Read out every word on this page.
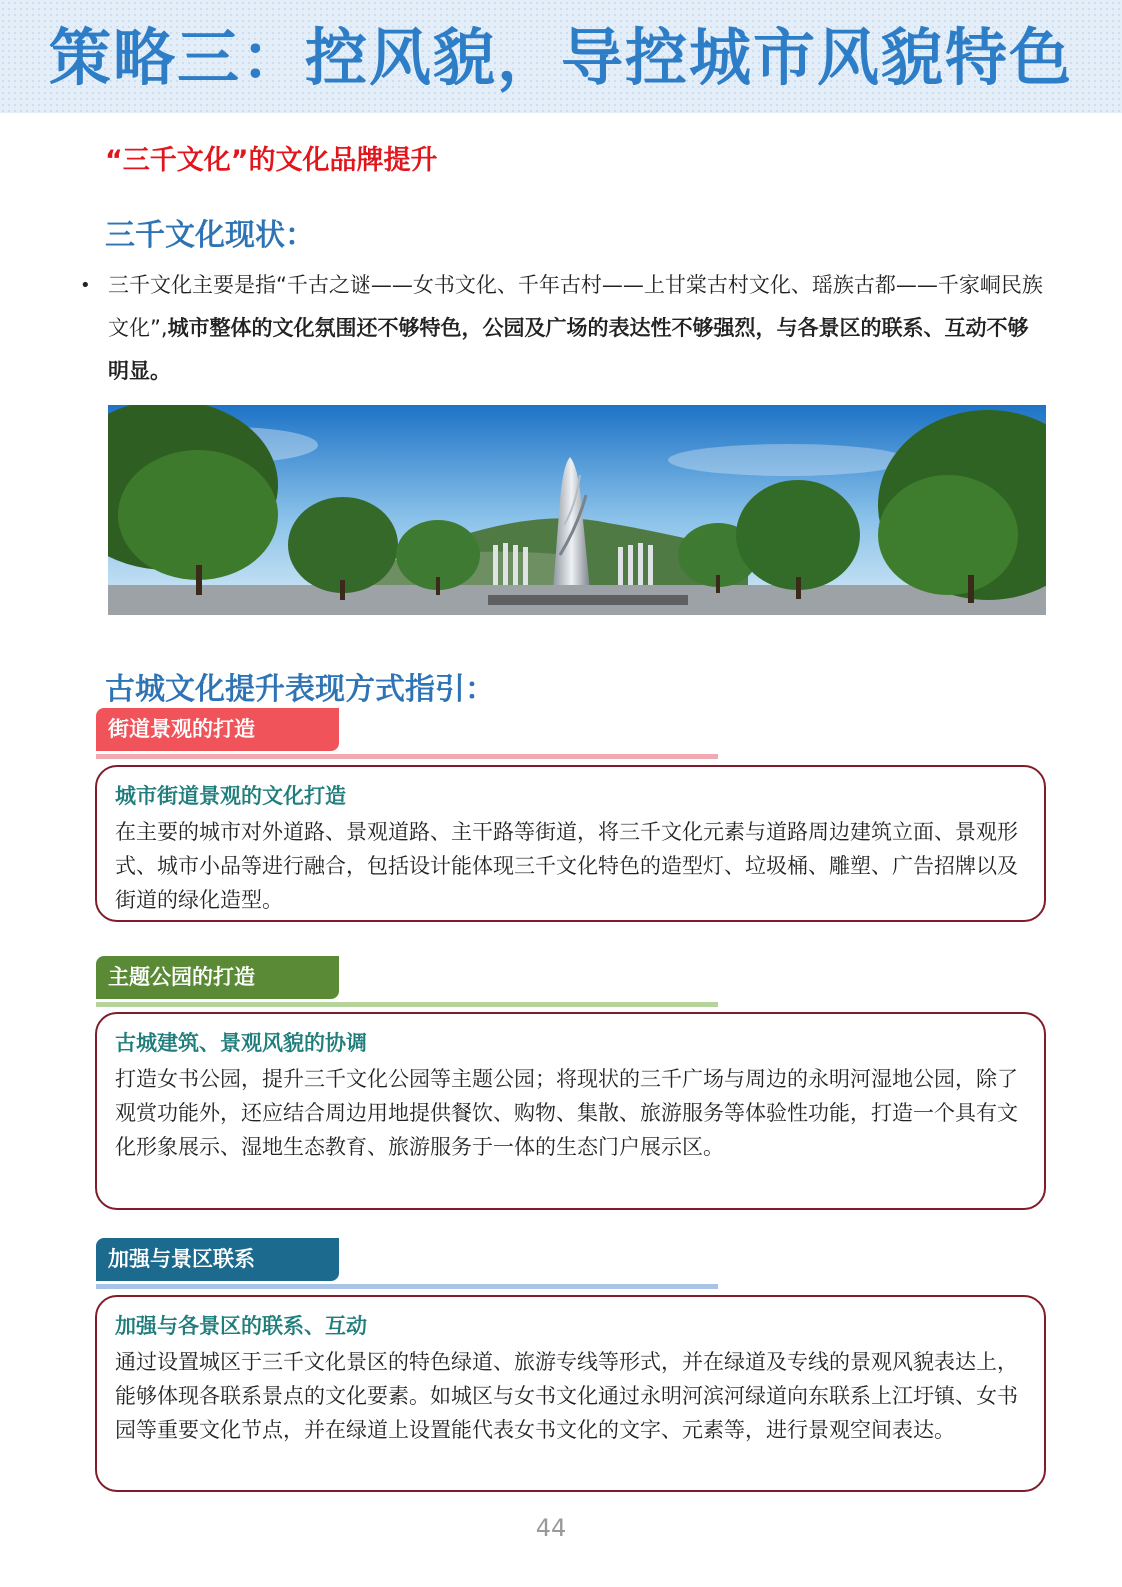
策略三：控风貌，导控城市风貌特色
“三千文化”的文化品牌提升
三千文化现状：
• 三千文化主要是指“千古之谜——女书文化、千年古村——上甘棠古村文化、瑶族古都——千家峒民族文化”,城市整体的文化氛围还不够特色，公园及广场的表达性不够强烈，与各景区的联系、互动不够明显。
古城文化提升表现方式指引：
街道景观的打造
城市街道景观的文化打造
在主要的城市对外道路、景观道路、主干路等街道，将三千文化元素与道路周边建筑立面、景观形式、城市小品等进行融合，包括设计能体现三千文化特色的造型灯、垃圾桶、雕塑、广告招牌以及街道的绿化造型。
主题公园的打造
古城建筑、景观风貌的协调
打造女书公园，提升三千文化公园等主题公园；将现状的三千广场与周边的永明河湿地公园，除了观赏功能外，还应结合周边用地提供餐饮、购物、集散、旅游服务等体验性功能，打造一个具有文化形象展示、湿地生态教育、旅游服务于一体的生态门户展示区。
加强与景区联系
加强与各景区的联系、互动
通过设置城区于三千文化景区的特色绿道、旅游专线等形式，并在绿道及专线的景观风貌表达上，能够体现各联系景点的文化要素。如城区与女书文化通过永明河滨河绿道向东联系上江圩镇、女书园等重要文化节点，并在绿道上设置能代表女书文化的文字、元素等，进行景观空间表达。
44
